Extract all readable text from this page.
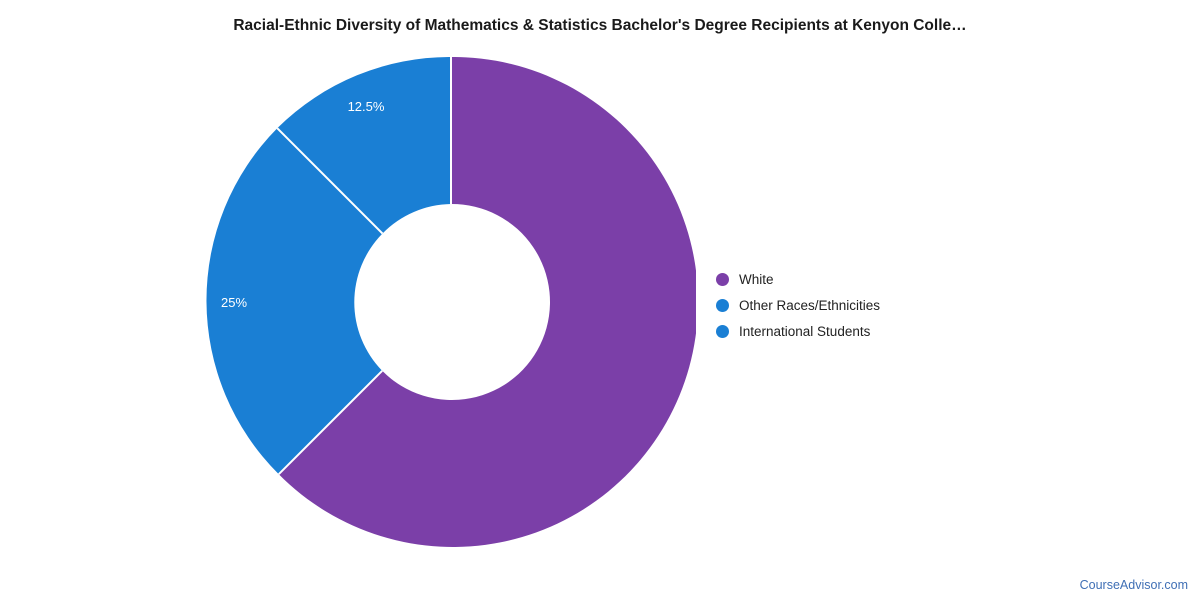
Racial-Ethnic Diversity of Mathematics & Statistics Bachelor's Degree Recipients at Kenyon Colle…
62.5%
25%
12.5%
White
Other Races/Ethnicities
International Students
CourseAdvisor.com
